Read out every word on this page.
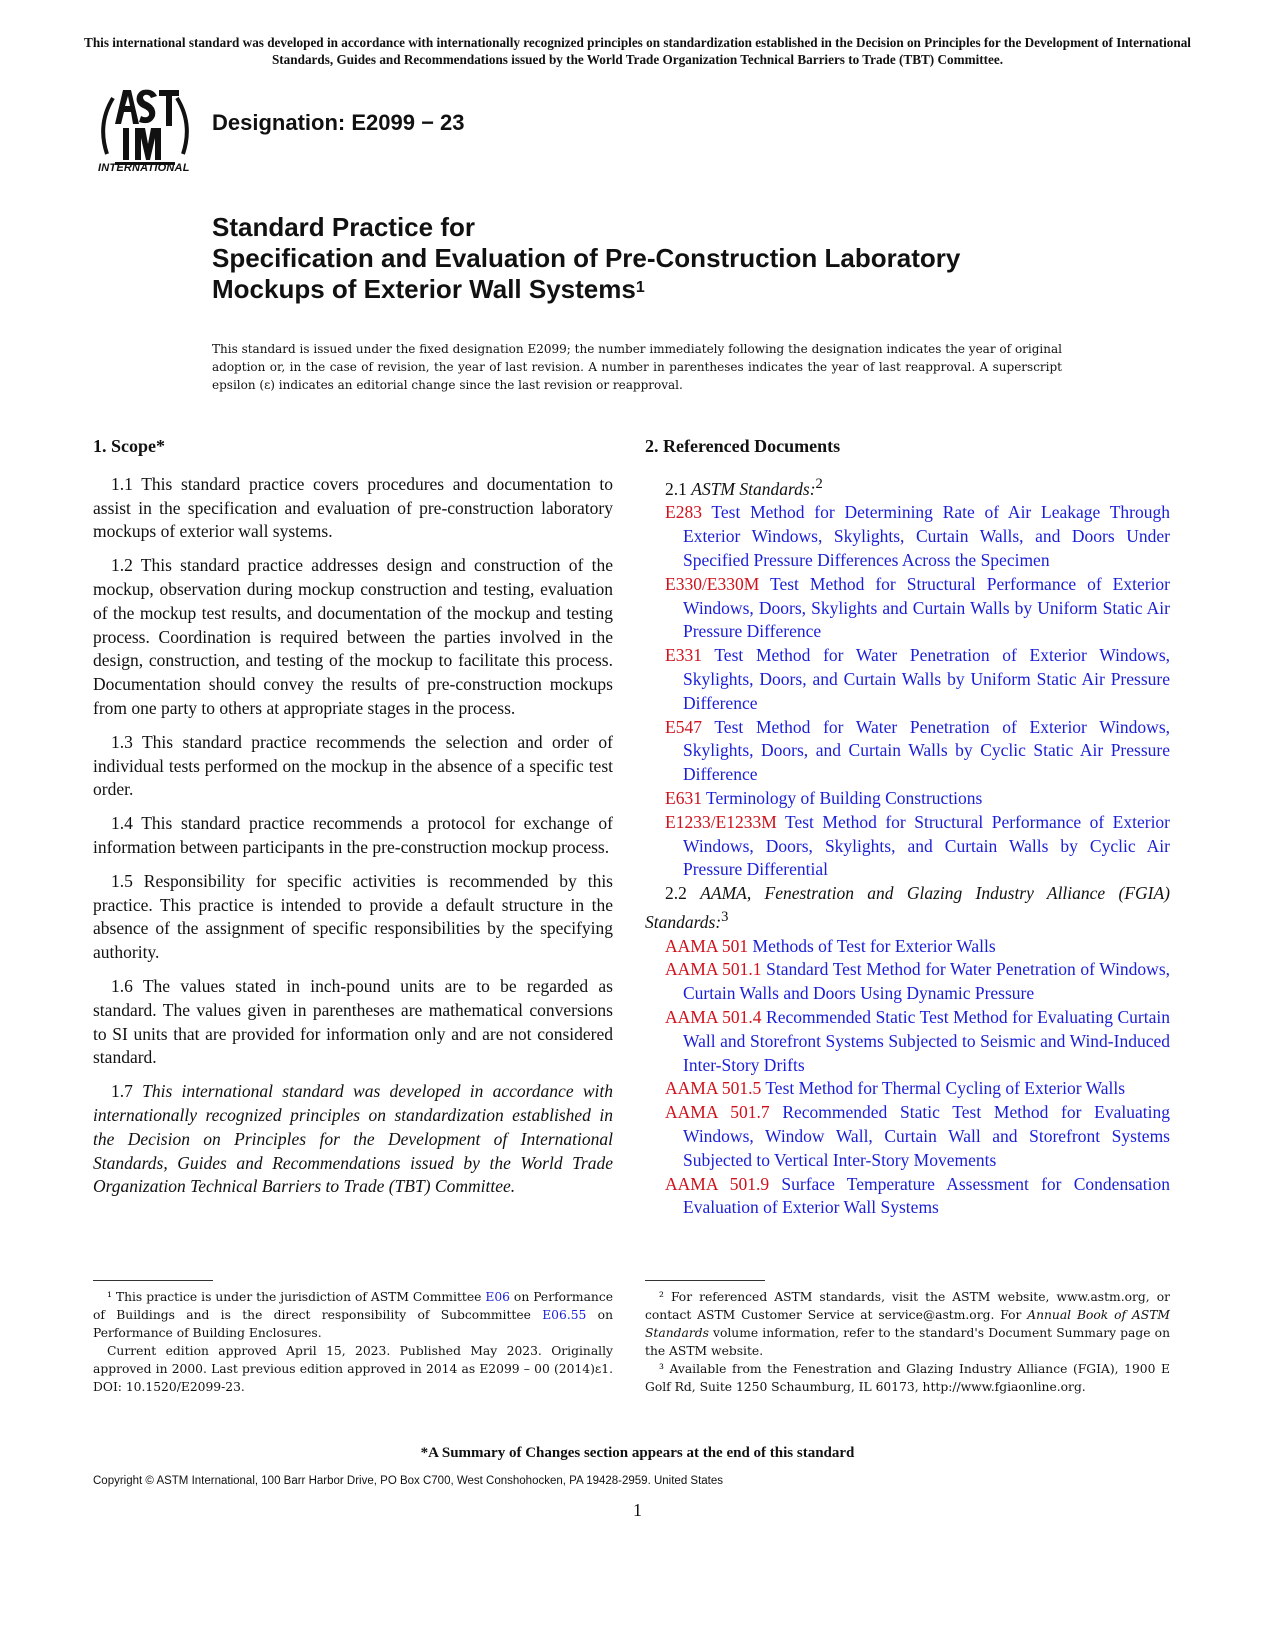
This international standard was developed in accordance with internationally recognized principles on standardization established in the Decision on Principles for the Development of International Standards, Guides and Recommendations issued by the World Trade Organization Technical Barriers to Trade (TBT) Committee.
INTERNATIONAL
Designation: E2099 − 23
Standard Practice for
Specification and Evaluation of Pre-Construction Laboratory
Mockups of Exterior Wall Systems$^1$
This standard is issued under the fixed designation E2099; the number immediately following the designation indicates the year of original adoption or, in the case of revision, the year of last revision. A number in parentheses indicates the year of last reapproval. A superscript epsilon (ε) indicates an editorial change since the last revision or reapproval.
1. Scope*

1.1 This standard practice covers procedures and documentation to assist in the specification and evaluation of pre-construction laboratory mockups of exterior wall systems.

1.2 This standard practice addresses design and construction of the mockup, observation during mockup construction and testing, evaluation of the mockup test results, and documentation of the mockup and testing process. Coordination is required between the parties involved in the design, construction, and testing of the mockup to facilitate this process. Documentation should convey the results of pre-construction mockups from one party to others at appropriate stages in the process.

1.3 This standard practice recommends the selection and order of individual tests performed on the mockup in the absence of a specific test order.

1.4 This standard practice recommends a protocol for exchange of information between participants in the pre-construction mockup process.

1.5 Responsibility for specific activities is recommended by this practice. This practice is intended to provide a default structure in the absence of the assignment of specific responsibilities by the specifying authority.

1.6 The values stated in inch-pound units are to be regarded as standard. The values given in parentheses are mathematical conversions to SI units that are provided for information only and are not considered standard.

1.7 This international standard was developed in accordance with internationally recognized principles on standardization established in the Decision on Principles for the Development of International Standards, Guides and Recommendations issued by the World Trade Organization Technical Barriers to Trade (TBT) Committee.

2. Referenced Documents

2.1 ASTM Standards:$^2$

E283 Test Method for Determining Rate of Air Leakage Through Exterior Windows, Skylights, Curtain Walls, and Doors Under Specified Pressure Differences Across the Specimen

E330/E330M Test Method for Structural Performance of Exterior Windows, Doors, Skylights and Curtain Walls by Uniform Static Air Pressure Difference

E331 Test Method for Water Penetration of Exterior Windows, Skylights, Doors, and Curtain Walls by Uniform Static Air Pressure Difference

E547 Test Method for Water Penetration of Exterior Windows, Skylights, Doors, and Curtain Walls by Cyclic Static Air Pressure Difference

E631 Terminology of Building Constructions

E1233/E1233M Test Method for Structural Performance of Exterior Windows, Doors, Skylights, and Curtain Walls by Cyclic Air Pressure Differential

2.2 AAMA, Fenestration and Glazing Industry Alliance (FGIA) Standards:$^3$

AAMA 501 Methods of Test for Exterior Walls

AAMA 501.1 Standard Test Method for Water Penetration of Windows, Curtain Walls and Doors Using Dynamic Pressure

AAMA 501.4 Recommended Static Test Method for Evaluating Curtain Wall and Storefront Systems Subjected to Seismic and Wind-Induced Inter-Story Drifts

AAMA 501.5 Test Method for Thermal Cycling of Exterior Walls

AAMA 501.7 Recommended Static Test Method for Evaluating Windows, Window Wall, Curtain Wall and Storefront Systems Subjected to Vertical Inter-Story Movements

AAMA 501.9 Surface Temperature Assessment for Condensation Evaluation of Exterior Wall Systems

¹ This practice is under the jurisdiction of ASTM Committee E06 on Performance of Buildings and is the direct responsibility of Subcommittee E06.55 on Performance of Building Enclosures.

Current edition approved April 15, 2023. Published May 2023. Originally approved in 2000. Last previous edition approved in 2014 as E2099 – 00 (2014)ε1. DOI: 10.1520/E2099-23.

² For referenced ASTM standards, visit the ASTM website, www.astm.org, or contact ASTM Customer Service at service@astm.org. For Annual Book of ASTM Standards volume information, refer to the standard's Document Summary page on the ASTM website.

³ Available from the Fenestration and Glazing Industry Alliance (FGIA), 1900 E Golf Rd, Suite 1250 Schaumburg, IL 60173, http://www.fgiaonline.org.

*A Summary of Changes section appears at the end of this standard
Copyright © ASTM International, 100 Barr Harbor Drive, PO Box C700, West Conshohocken, PA 19428-2959. United States
1
